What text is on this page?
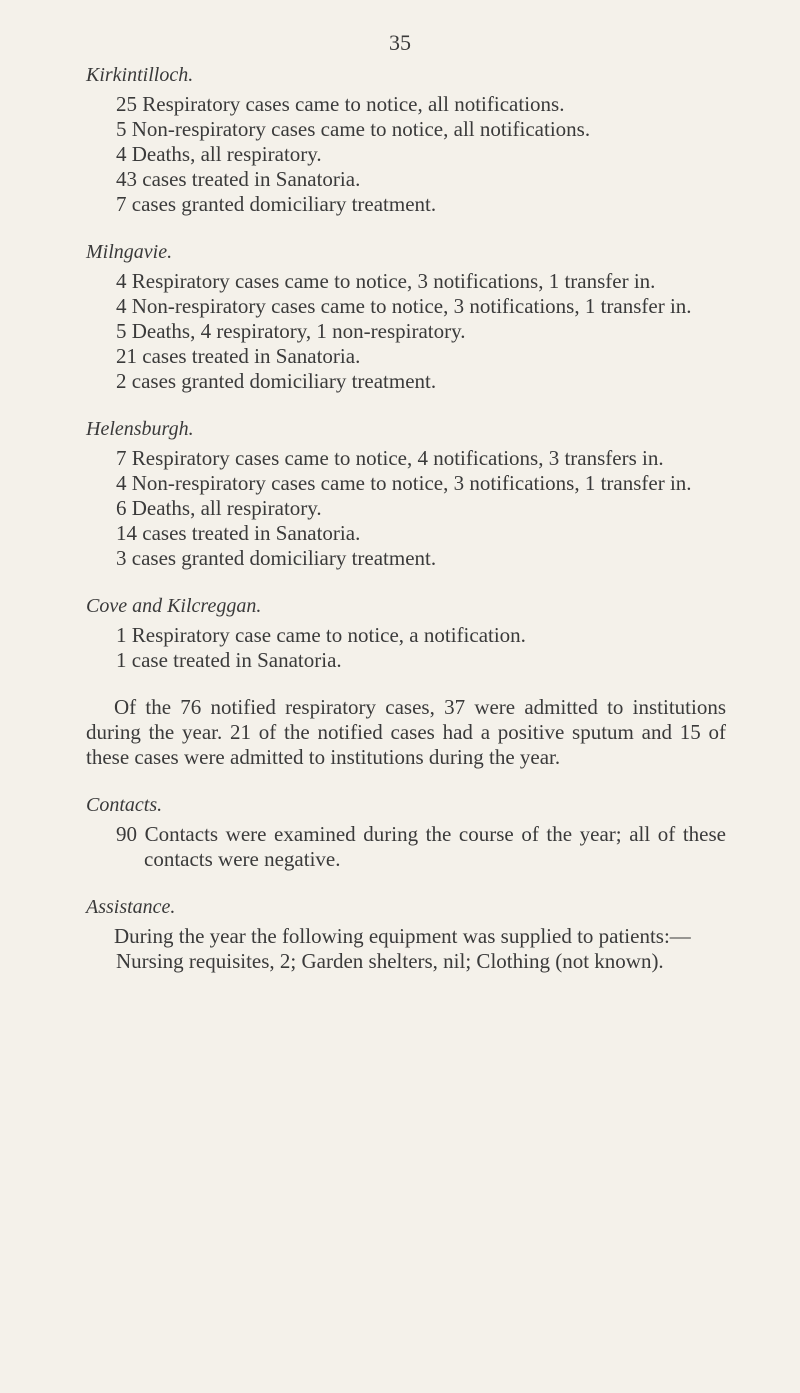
35
Kirkintilloch.
25 Respiratory cases came to notice, all notifications.
5 Non-respiratory cases came to notice, all notifications.
4 Deaths, all respiratory.
43 cases treated in Sanatoria.
7 cases granted domiciliary treatment.
Milngavie.
4 Respiratory cases came to notice, 3 notifications, 1 transfer in.
4 Non-respiratory cases came to notice, 3 notifications, 1 transfer in.
5 Deaths, 4 respiratory, 1 non-respiratory.
21 cases treated in Sanatoria.
2 cases granted domiciliary treatment.
Helensburgh.
7 Respiratory cases came to notice, 4 notifications, 3 transfers in.
4 Non-respiratory cases came to notice, 3 notifications, 1 transfer in.
6 Deaths, all respiratory.
14 cases treated in Sanatoria.
3 cases granted domiciliary treatment.
Cove and Kilcreggan.
1 Respiratory case came to notice, a notification.
1 case treated in Sanatoria.
Of the 76 notified respiratory cases, 37 were admitted to institutions during the year. 21 of the notified cases had a positive sputum and 15 of these cases were admitted to institutions during the year.
Contacts.
90 Contacts were examined during the course of the year; all of these contacts were negative.
Assistance.
During the year the following equipment was supplied to patients:—
Nursing requisites, 2; Garden shelters, nil; Clothing (not known).
